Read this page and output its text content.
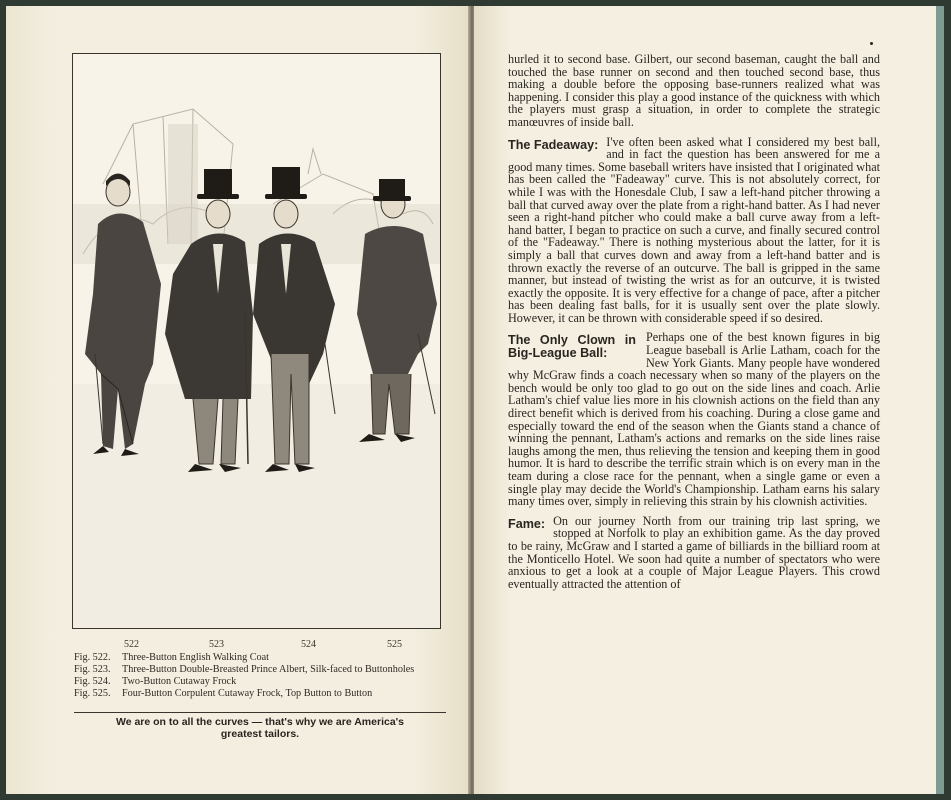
522	523	524	525
Fig. 522.	Three-Button English Walking Coat
Fig. 523.	Three-Button Double-Breasted Prince Albert, Silk-faced to Buttonholes
Fig. 524.	Two-Button Cutaway Frock
Fig. 525.	Four-Button Corpulent Cutaway Frock, Top Button to Button
We are on to all the curves — that's why we are America's
greatest tailors.

hurled it to second base. Gilbert, our second baseman, caught the ball and touched the base runner on second and then touched second base, thus making a double before the opposing base-runners realized what was happening. I consider this play a good instance of the quickness with which the players must grasp a situation, in order to complete the strategic manœuvres of inside ball.

The Fadeaway: I've often been asked what I considered my best ball, and in fact the question has been answered for me a good many times. Some baseball writers have insisted that I originated what has been called the "Fadeaway" curve. This is not absolutely correct, for while I was with the Honesdale Club, I saw a left-hand pitcher throwing a ball that curved away over the plate from a right-hand batter. As I had never seen a right-hand pitcher who could make a ball curve away from a left-hand batter, I began to practice on such a curve, and finally secured control of the "Fadeaway." There is nothing mysterious about the latter, for it is simply a ball that curves down and away from a left-hand batter and is thrown exactly the reverse of an outcurve. The ball is gripped in the same manner, but instead of twisting the wrist as for an outcurve, it is twisted exactly the opposite. It is very effective for a change of pace, after a pitcher has been dealing fast balls, for it is usually sent over the plate slowly. However, it can be thrown with considerable speed if so desired.

The Only Clown in Big-League Ball:

Perhaps one of the best known figures in big League baseball is Arlie Latham, coach for the New York Giants. Many people have wondered why McGraw finds a coach necessary when so many of the players on the bench would be only too glad to go out on the side lines and coach. Arlie Latham's chief value lies more in his clownish actions on the field than any direct benefit which is derived from his coaching. During a close game and especially toward the end of the season when the Giants stand a chance of winning the pennant, Latham's actions and remarks on the side lines raise laughs among the men, thus relieving the tension and keeping them in good humor. It is hard to describe the terrific strain which is on every man in the team during a close race for the pennant, when a single game or even a single play may decide the World's Championship. Latham earns his salary many times over, simply in relieving this strain by his clownish activities.

Fame: On our journey North from our training trip last spring, we stopped at Norfolk to play an exhibition game. As the day proved to be rainy, McGraw and I started a game of billiards in the billiard room at the Monticello Hotel. We soon had quite a number of spectators who were anxious to get a look at a couple of Major League Players. This crowd eventually attracted the attention of
